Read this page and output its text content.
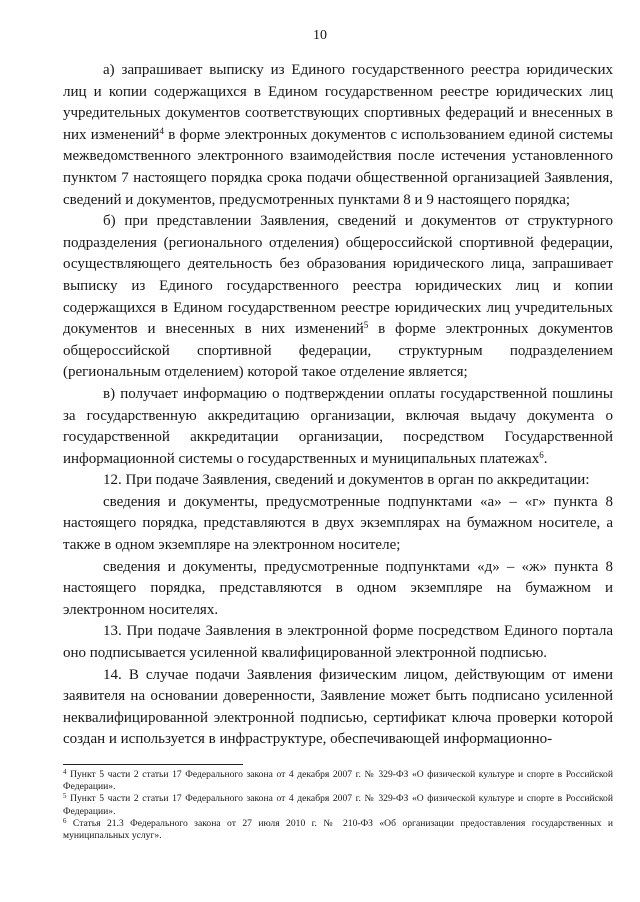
10

а) запрашивает выписку из Единого государственного реестра юридических лиц и копии содержащихся в Едином государственном реестре юридических лиц учредительных документов соответствующих спортивных федераций и внесенных в них изменений$^4$ в форме электронных документов с использованием единой системы межведомственного электронного взаимодействия после истечения установленного пунктом 7 настоящего порядка срока подачи общественной организацией Заявления, сведений и документов, предусмотренных пунктами 8 и 9 настоящего порядка;

б) при представлении Заявления, сведений и документов от структурного подразделения (регионального отделения) общероссийской спортивной федерации, осуществляющего деятельность без образования юридического лица, запрашивает выписку из Единого государственного реестра юридических лиц и копии содержащихся в Едином государственном реестре юридических лиц учредительных документов и внесенных в них изменений$^5$ в форме электронных документов общероссийской спортивной федерации, структурным подразделением (региональным отделением) которой такое отделение является;

в) получает информацию о подтверждении оплаты государственной пошлины за государственную аккредитацию организации, включая выдачу документа о государственной аккредитации организации, посредством Государственной информационной системы о государственных и муниципальных платежах$^6$.

12. При подаче Заявления, сведений и документов в орган по аккредитации:

сведения и документы, предусмотренные подпунктами «а» – «г» пункта 8 настоящего порядка, представляются в двух экземплярах на бумажном носителе, а также в одном экземпляре на электронном носителе;

сведения и документы, предусмотренные подпунктами «д» – «ж» пункта 8 настоящего порядка, представляются в одном экземпляре на бумажном и электронном носителях.

13. При подаче Заявления в электронной форме посредством Единого портала оно подписывается усиленной квалифицированной электронной подписью.

14. В случае подачи Заявления физическим лицом, действующим от имени заявителя на основании доверенности, Заявление может быть подписано усиленной неквалифицированной электронной подписью, сертификат ключа проверки которой создан и используется в инфраструктуре, обеспечивающей информационно-

$^4$ Пункт 5 части 2 статьи 17 Федерального закона от 4 декабря 2007 г. № 329-ФЗ «О физической культуре и спорте в Российской Федерации».

$^5$ Пункт 5 части 2 статьи 17 Федерального закона от 4 декабря 2007 г. № 329-ФЗ «О физической культуре и спорте в Российской Федерации».

$^6$ Статья 21.3 Федерального закона от 27 июля 2010 г. № 210-ФЗ «Об организации предоставления государственных и муниципальных услуг».
